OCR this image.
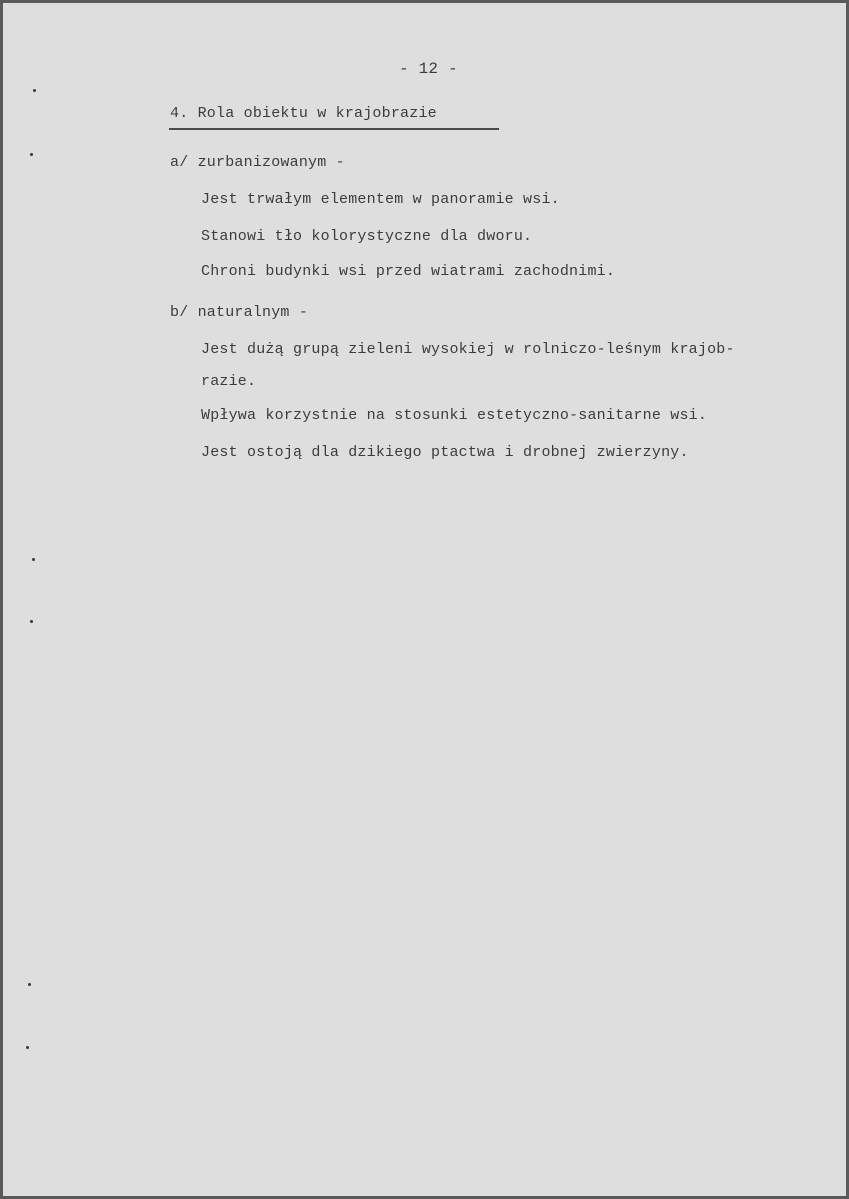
- 12 -
4. Rola obiektu w krajobrazie
a/ zurbanizowanym -
Jest trwałym elementem w panoramie wsi.
Stanowi tło kolorystyczne dla dworu.
Chroni budynki wsi przed wiatrami zachodnimi.
b/ naturalnym -
Jest dużą grupą zieleni wysokiej w rolniczo-leśnym krajob-
razie.
Wpływa korzystnie na stosunki estetyczno-sanitarne wsi.
Jest ostoją dla dzikiego ptactwa i drobnej zwierzyny.
